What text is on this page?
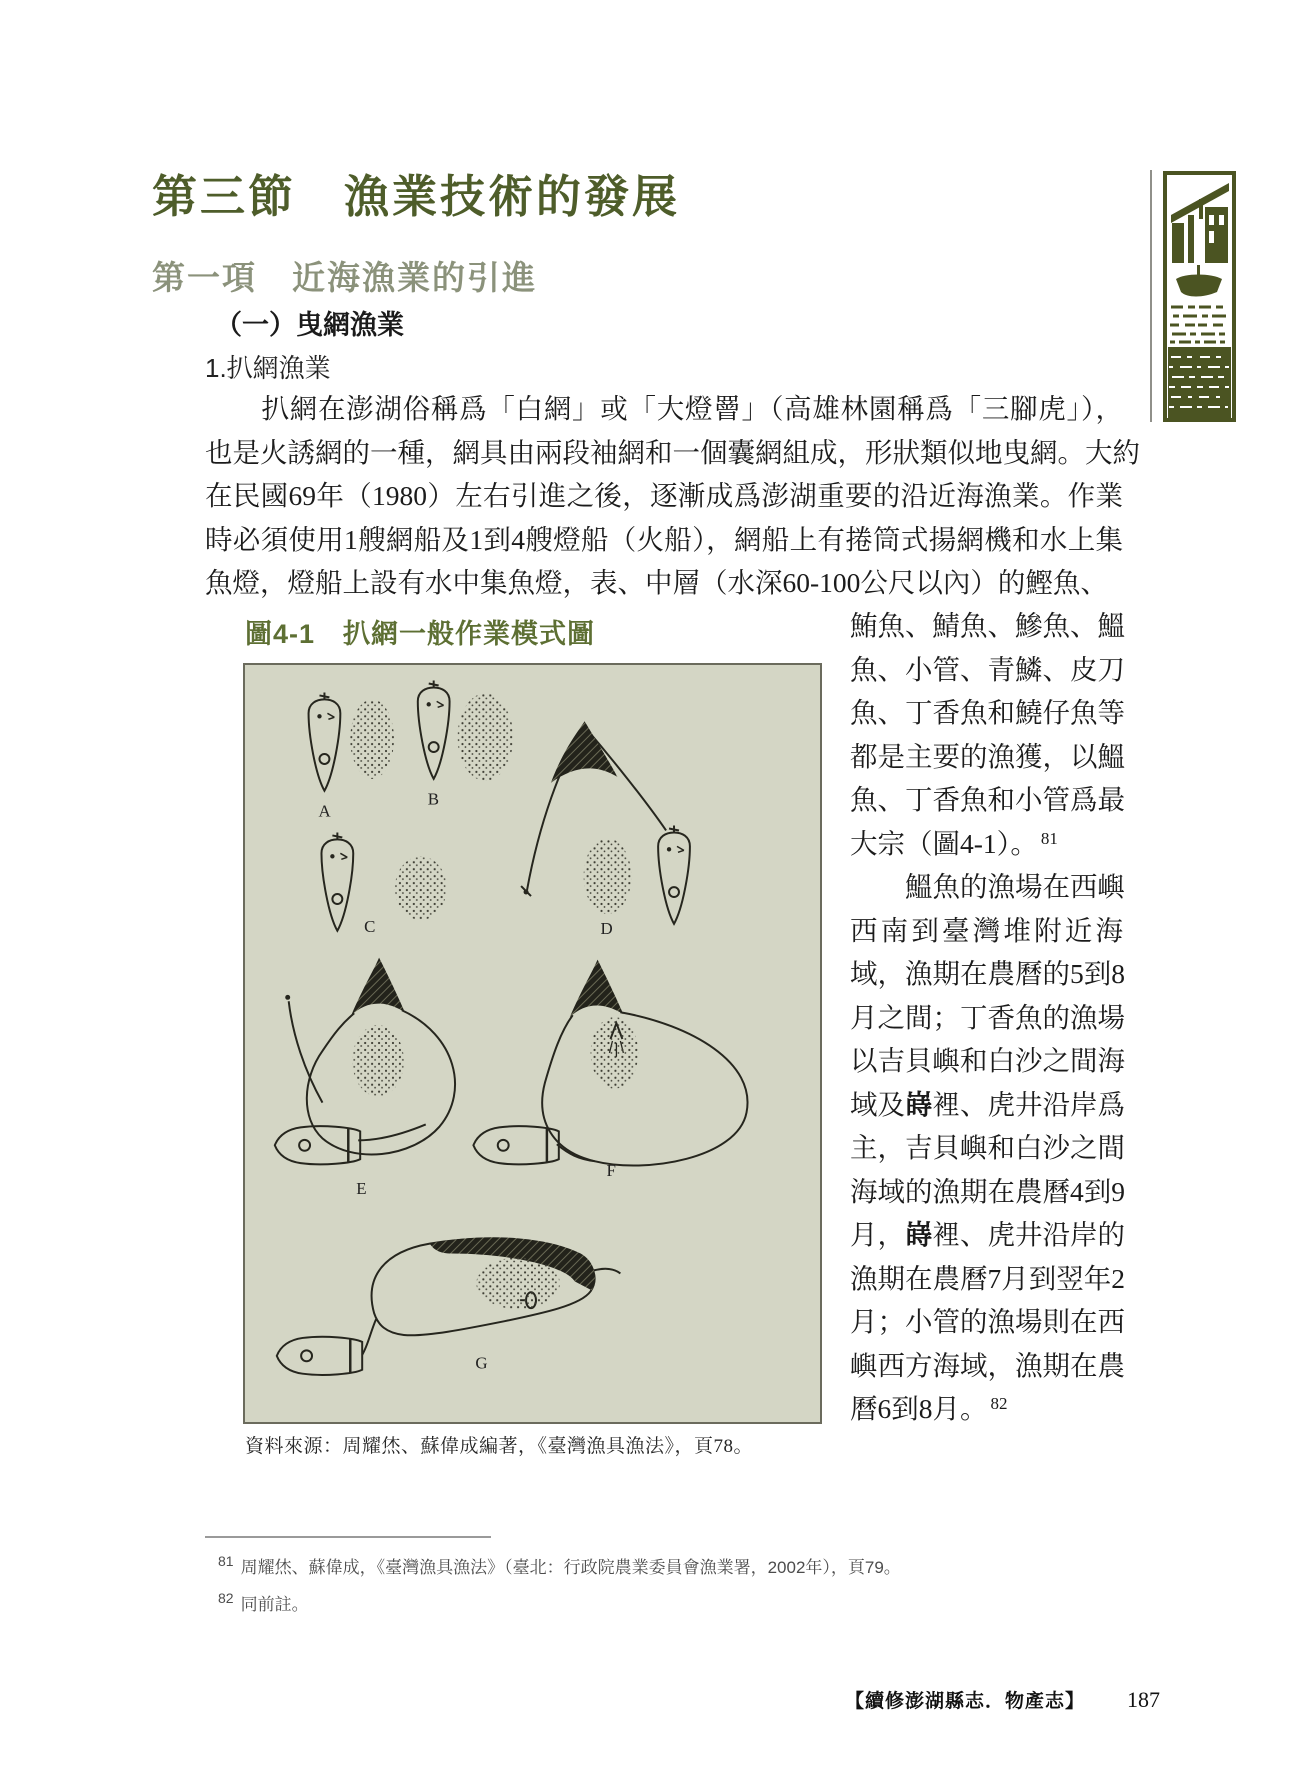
第三節　漁業技術的發展
第一項　近海漁業的引進
（一）曳網漁業
1.扒網漁業
　　扒網在澎湖俗稱爲「白網」或「大燈罾」（高雄林園稱爲「三腳虎」），
也是火誘網的一種，網具由兩段袖網和一個囊網組成，形狀類似地曳網。大約
在民國69年（1980）左右引進之後，逐漸成爲澎湖重要的沿近海漁業。作業
時必須使用1艘網船及1到4艘燈船（火船），網船上有捲筒式揚網機和水上集
魚燈，燈船上設有水中集魚燈，表、中層（水深60-100公尺以內）的鰹魚、
圖4-1　扒網一般作業模式圖
A
B
C	D
E
F
G
鮪魚、鯖魚、鰺魚、鰮
魚、小管、青鱗、皮刀
魚、丁香魚和鱙仔魚等
都是主要的漁獲，以鰮
魚、丁香魚和小管爲最
大宗（圖4-1）。 $^{81}$
　　鰮魚的漁場在西嶼
西南到臺灣堆附近海
域，漁期在農曆的5到8
月之間；丁香魚的漁場
以吉貝嶼和白沙之間海
域及嵵裡、虎井沿岸爲
主，吉貝嶼和白沙之間
海域的漁期在農曆4到9
月，嵵裡、虎井沿岸的
漁期在農曆7月到翌年2
月；小管的漁場則在西
嶼西方海域，漁期在農
曆6到8月。 $^{82}$
資料來源：周耀烋、蘇偉成編著，《臺灣漁具漁法》，頁78。
$^{81}$ 周耀烋、蘇偉成，《臺灣漁具漁法》（臺北：行政院農業委員會漁業署，2002年），頁79。
$^{82}$ 同前註。
【續修澎湖縣志．物產志】 187
